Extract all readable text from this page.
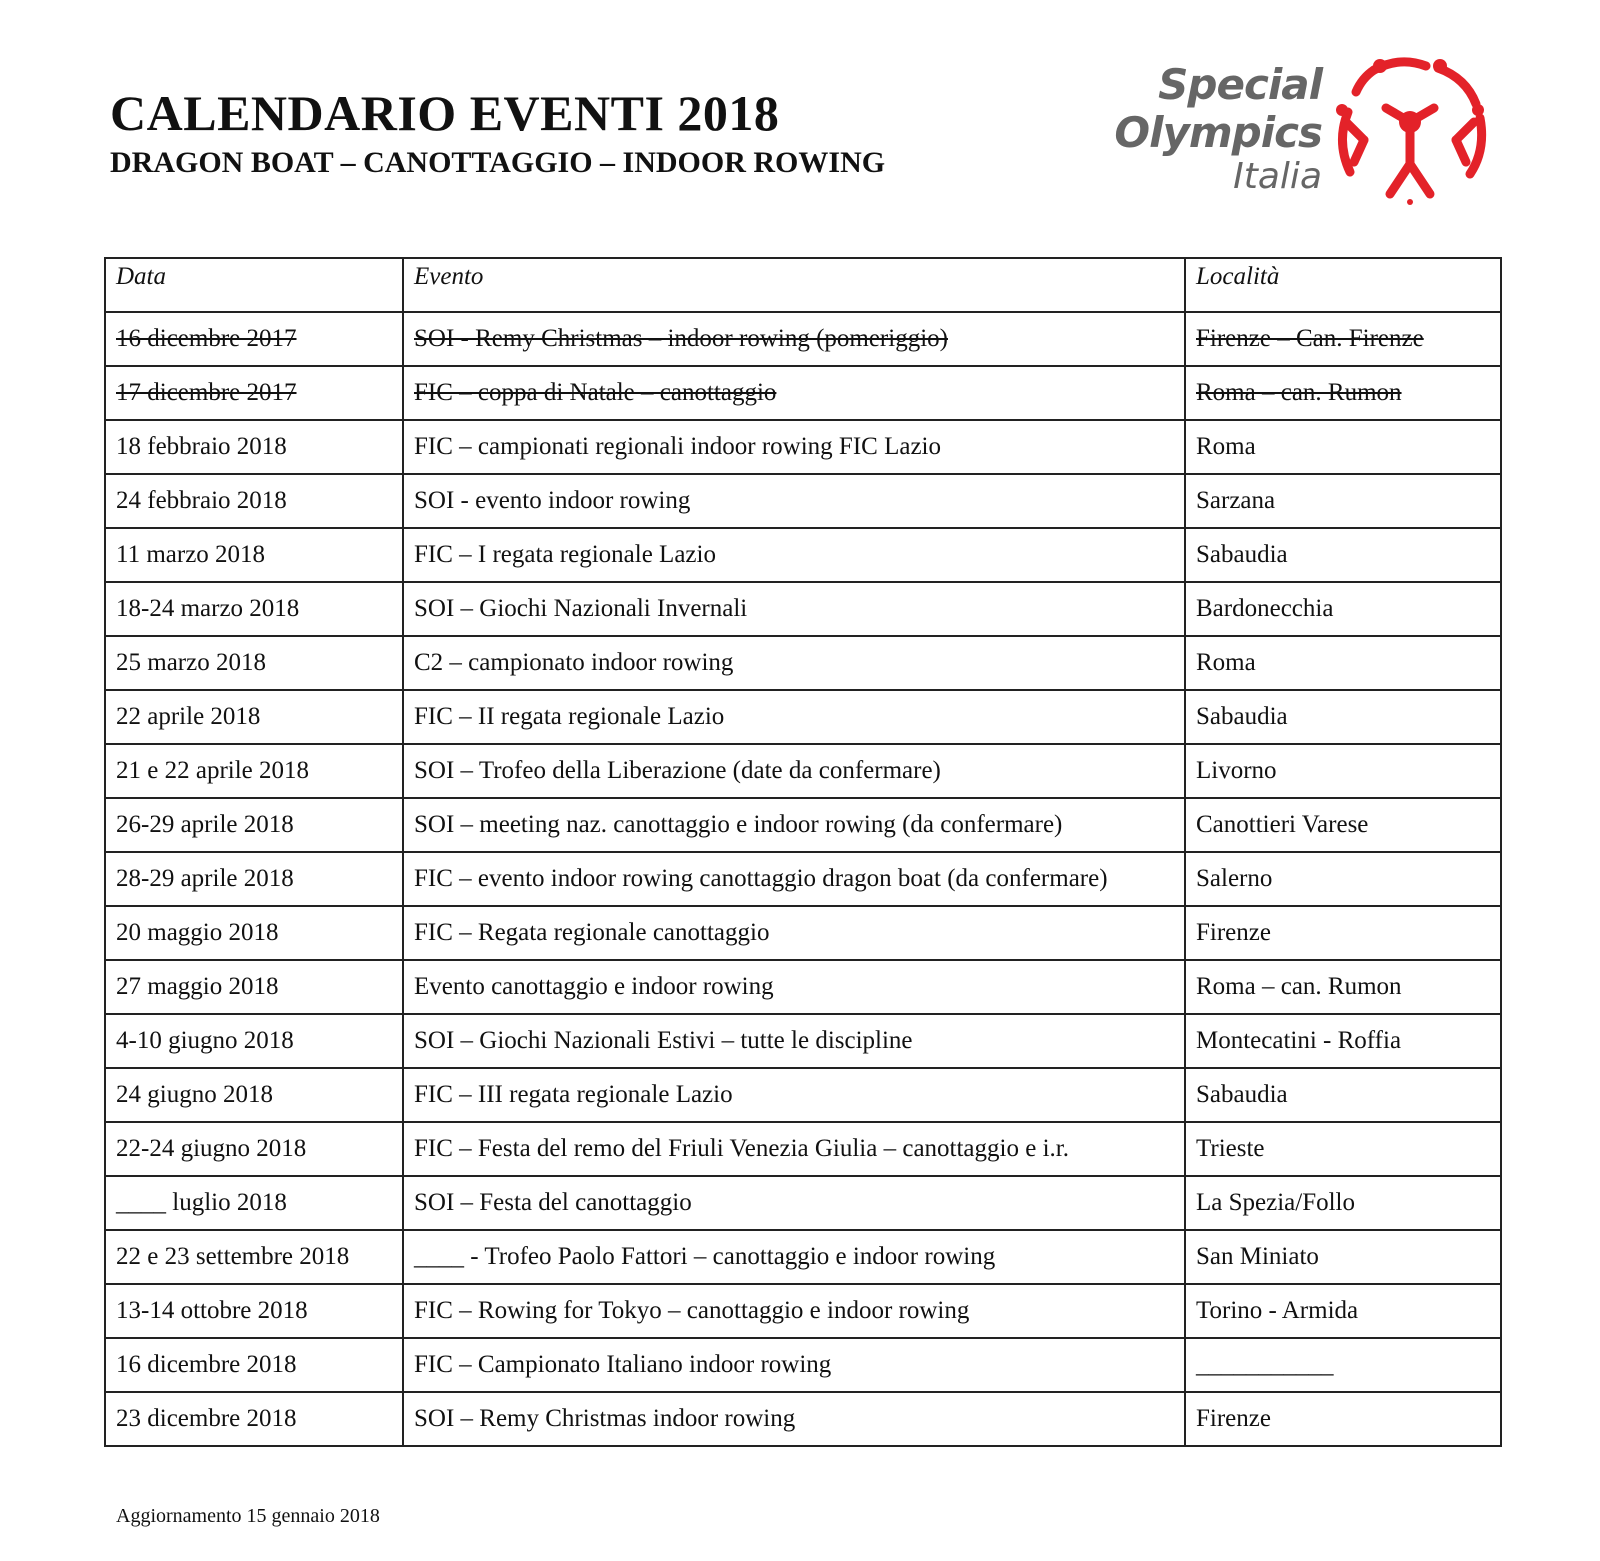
CALENDARIO EVENTI 2018
DRAGON BOAT – CANOTTAGGIO – INDOOR ROWING
Special
Olympics
Italia
Data	Evento	Località
16 dicembre 2017	SOI - Remy Christmas – indoor rowing (pomeriggio)	Firenze – Can. Firenze
17 dicembre 2017	FIC – coppa di Natale – canottaggio	Roma – can. Rumon
18 febbraio 2018	FIC – campionati regionali indoor rowing FIC Lazio	Roma
24 febbraio 2018	SOI - evento indoor rowing	Sarzana
11 marzo 2018	FIC – I regata regionale Lazio	Sabaudia
18-24 marzo 2018	SOI – Giochi Nazionali Invernali	Bardonecchia
25 marzo 2018	C2 – campionato indoor rowing	Roma
22 aprile 2018	FIC – II regata regionale Lazio	Sabaudia
21 e 22 aprile 2018	SOI – Trofeo della Liberazione (date da confermare)	Livorno
26-29 aprile 2018	SOI – meeting naz. canottaggio e indoor rowing (da confermare)	Canottieri Varese
28-29 aprile 2018	FIC – evento indoor rowing canottaggio dragon boat (da confermare)	Salerno
20 maggio 2018	FIC – Regata regionale canottaggio	Firenze
27 maggio 2018	Evento canottaggio e indoor rowing	Roma – can. Rumon
4-10 giugno 2018	SOI – Giochi Nazionali Estivi – tutte le discipline	Montecatini - Roffia
24 giugno 2018	FIC – III regata regionale Lazio	Sabaudia
22-24 giugno 2018	FIC – Festa del remo del Friuli Venezia Giulia – canottaggio e i.r.	Trieste
____ luglio 2018	SOI – Festa del canottaggio	La Spezia/Follo
22 e 23 settembre 2018	____ - Trofeo Paolo Fattori – canottaggio e indoor rowing	San Miniato
13-14 ottobre 2018	FIC – Rowing for Tokyo – canottaggio e indoor rowing	Torino - Armida
16 dicembre 2018	FIC – Campionato Italiano indoor rowing	___________
23 dicembre 2018	SOI – Remy Christmas indoor rowing	Firenze
Aggiornamento 15 gennaio 2018
